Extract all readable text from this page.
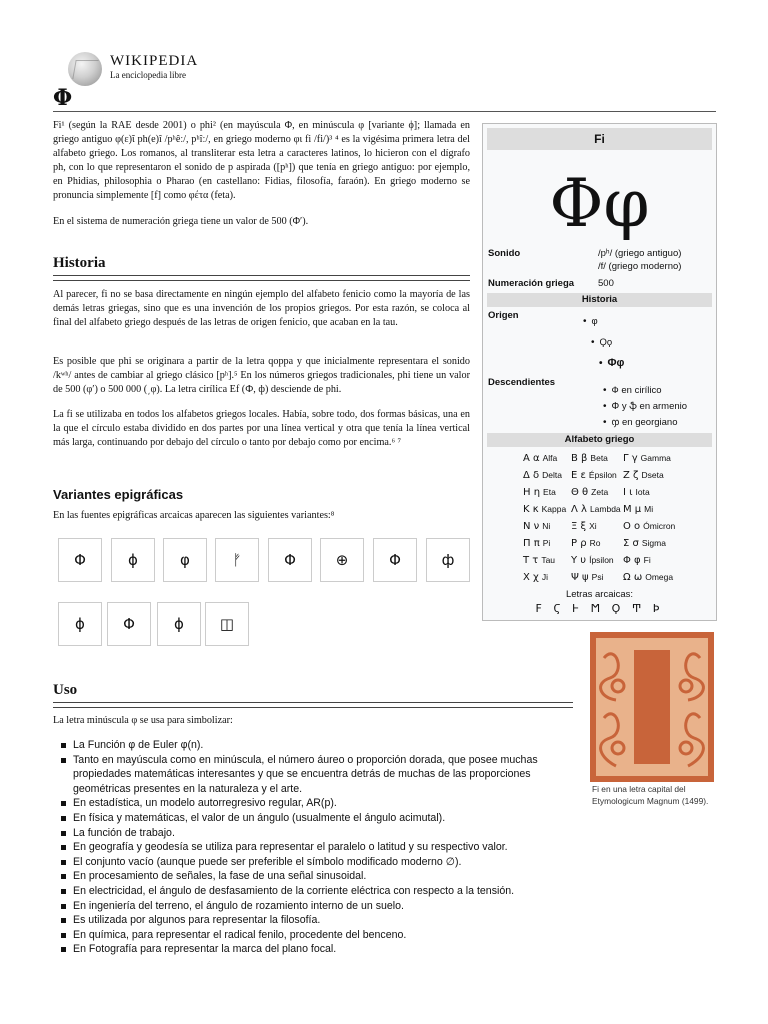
WIKIPEDIA
La enciclopedia libre
Φ
Fi¹ (según la RAE desde 2001) o phi² (en mayúscula Φ, en minúscula φ [variante ϕ]; llamada en griego antiguo φ(ε)ῖ ph(e)î /pʰêː/, pʰîː/, en griego moderno φι fi /fi/)³ ⁴ es la vigésima primera letra del alfabeto griego. Los romanos, al transliterar esta letra a caracteres latinos, lo hicieron con el dígrafo ph, con lo que representaron el sonido de p aspirada ([pʰ]) que tenía en griego antiguo: por ejemplo, en Phidias, philosophia o Pharao (en castellano: Fidias, filosofía, faraón). En griego moderno se pronuncia simplemente [f] como φέτα (feta).
En el sistema de numeración griega tiene un valor de 500 (Φʹ).
Historia
Al parecer, fi no se basa directamente en ningún ejemplo del alfabeto fenicio como la mayoría de las demás letras griegas, sino que es una invención de los propios griegos. Por esta razón, se coloca al final del alfabeto griego después de las letras de origen fenicio, que acaban en la tau.
Es posible que phi se originara a partir de la letra qoppa y que inicialmente representara el sonido /kʷʰ/ antes de cambiar al griego clásico [pʰ].⁵ En los números griegos tradicionales, phi tiene un valor de 500 (φʹ) o 500 000 (͵φ). La letra cirílica Ef (Ф, ф) desciende de phi.
La fi se utilizaba en todos los alfabetos griegos locales. Había, sobre todo, dos formas básicas, una en la que el círculo estaba dividido en dos partes por una línea vertical y otra que tenía la línea vertical más larga, continuando por debajo del círculo o tanto por debajo como por encima.⁶ ⁷
Variantes epigráficas
En las fuentes epigráficas arcaicas aparecen las siguientes variantes:⁸
Φ	ϕ	φ	ᚠ	Φ	⊕	Φ	ф
ϕ	Φ	ϕ	◫
Uso
La letra minúscula φ se usa para simbolizar:
La Función φ de Euler φ(n).
Tanto en mayúscula como en minúscula, el número áureo o proporción dorada, que posee muchas propiedades matemáticas interesantes y que se encuentra detrás de muchas de las proporciones geométricas presentes en la naturaleza y el arte.
En estadística, un modelo autorregresivo regular, AR(p).
En física y matemáticas, el valor de un ángulo (usualmente el ángulo acimutal).
La función de trabajo.
En geografía y geodesía se utiliza para representar el paralelo o latitud y su respectivo valor.
El conjunto vacío (aunque puede ser preferible el símbolo modificado moderno ∅).
En procesamiento de señales, la fase de una señal sinusoidal.
En electricidad, el ángulo de desfasamiento de la corriente eléctrica con respecto a la tensión.
En ingeniería del terreno, el ángulo de rozamiento interno de un suelo.
Es utilizada por algunos para representar la filosofía.
En química, para representar el radical fenilo, procedente del benceno.
En Fotografía para representar la marca del plano focal.
Fi
Φφ
Sonido	/pʰ/ (griego antiguo)
/f/ (griego moderno)
Numeración griega	500
Historia
Origen
• φ
• Ϙϙ
• Φφ
Descendientes
• Ф en cirílico
• Փ y ֆ en armenio
• ჶ en georgiano
Alfabeto griego
Α α Alfa Β β Beta Γ γ Gamma
Δ δ Delta Ε ε Épsilon Ζ ζ Dseta
Η η Eta Θ θ Zeta Ι ι Iota
Κ κ Kappa Λ λ Lambda Μ μ Mi
Ν ν Ni Ξ ξ Xi	Ο ο Ómicron
Π π Pi Ρ ρ Ro Σ σ Sigma
Τ τ Tau Υ υ Ípsilon Φ φ Fi
Χ χ Ji Ψ ψ Psi Ω ω Omega
Letras arcaicas:
Ϝ Ϛ Ͱ Ϻ Ϙ Ͳ Ϸ
Fi en una letra capital del Etymologicum Magnum (1499).
